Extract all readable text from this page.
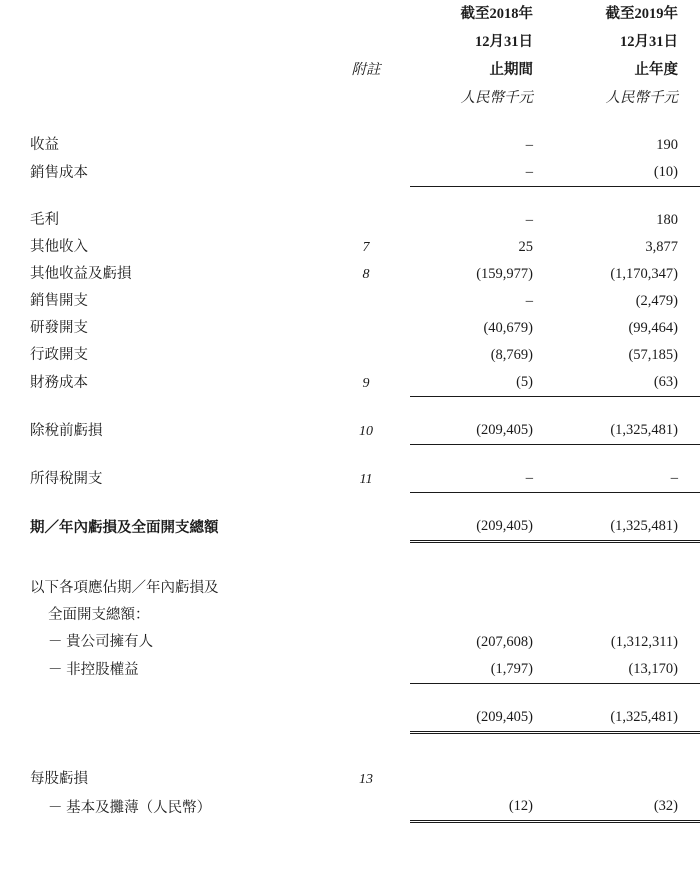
		截至2018年	截至2019年
		12月31日	12月31日
	附註	止期間	止年度
		人民幣千元	人民幣千元

收益		–	190
銷售成本		–	(10)

毛利		–	180
其他收入	7	25	3,877
其他收益及虧損	8	(159,977)	(1,170,347)
銷售開支		–	(2,479)
研發開支		(40,679)	(99,464)
行政開支		(8,769)	(57,185)
財務成本	9	(5)	(63)

除稅前虧損	10	(209,405)	(1,325,481)

所得稅開支	11	–	–

期／年內虧損及全面開支總額		(209,405)	(1,325,481)

以下各項應佔期／年內虧損及			
全面開支總額：			
－ 貴公司擁有人		(207,608)	(1,312,311)
－ 非控股權益		(1,797)	(13,170)

		(209,405)	(1,325,481)

每股虧損	13		
－ 基本及攤薄（人民幣）		(12)	(32)
